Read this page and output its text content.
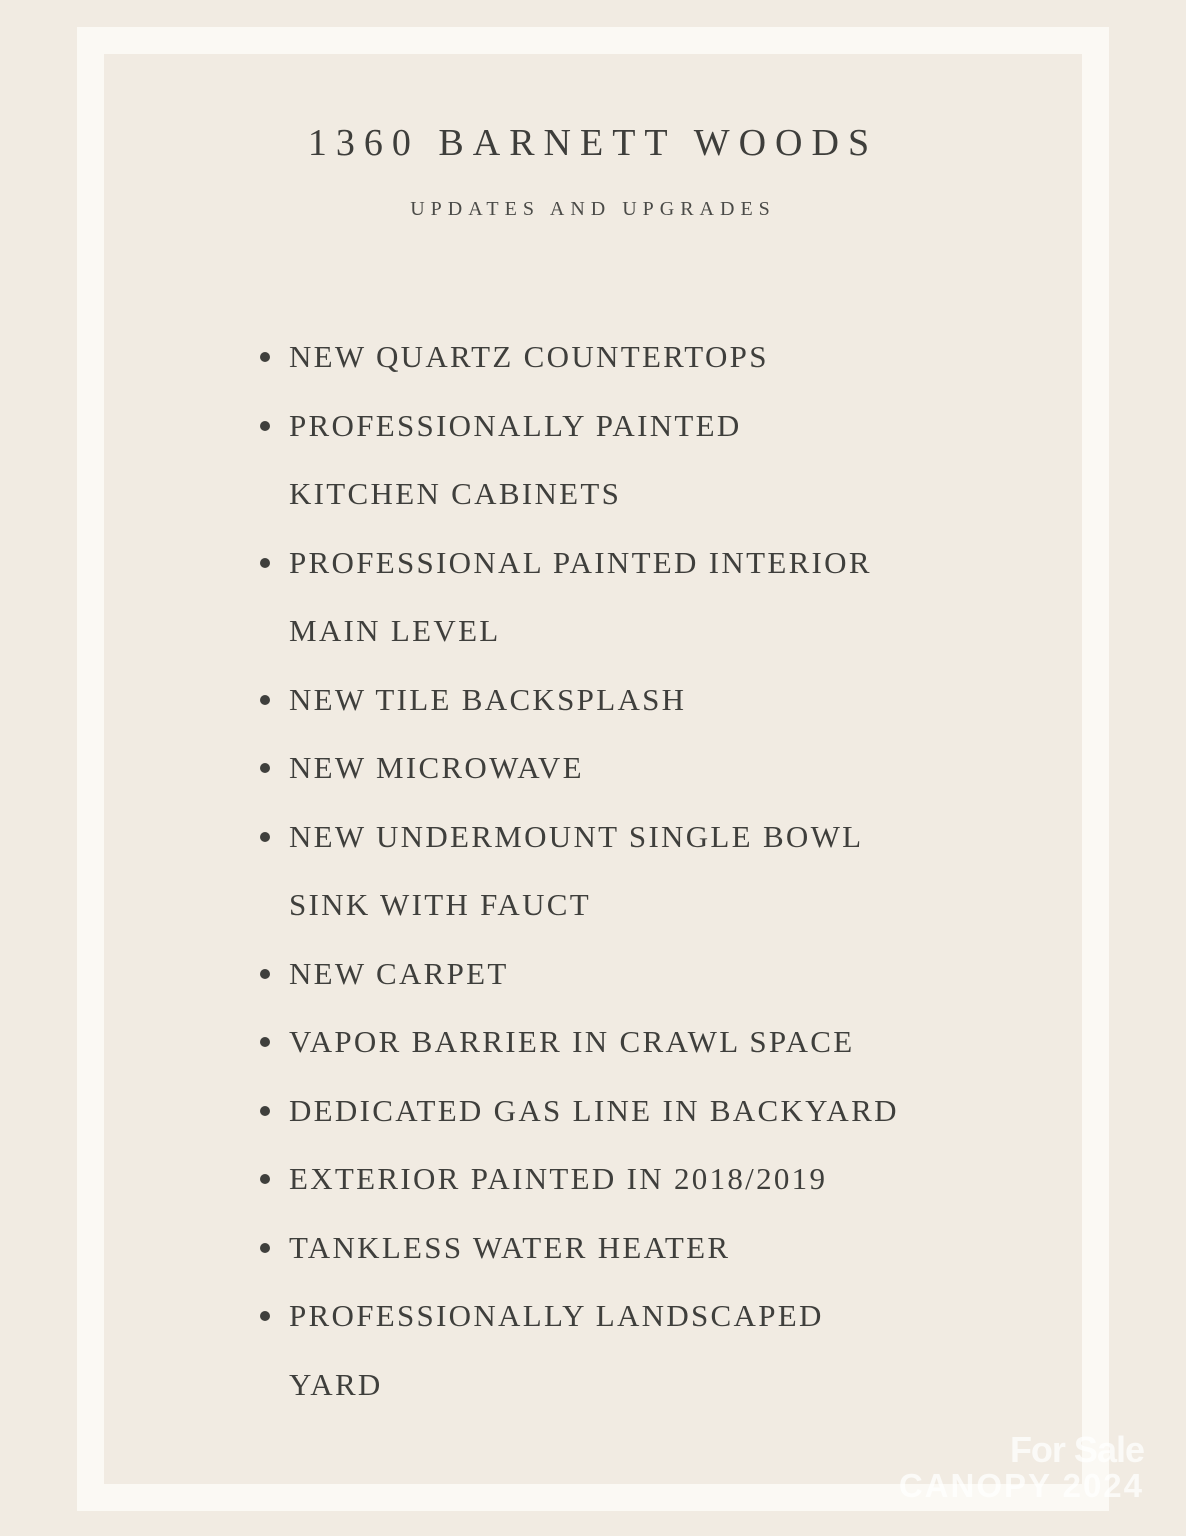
1360 BARNETT WOODS
UPDATES AND UPGRADES
NEW QUARTZ COUNTERTOPS
PROFESSIONALLY PAINTED
KITCHEN CABINETS
PROFESSIONAL PAINTED INTERIOR
MAIN LEVEL
NEW TILE BACKSPLASH
NEW MICROWAVE
NEW UNDERMOUNT SINGLE BOWL
SINK WITH FAUCT
NEW CARPET
VAPOR BARRIER IN CRAWL SPACE
DEDICATED GAS LINE IN BACKYARD
EXTERIOR PAINTED IN 2018/2019
TANKLESS WATER HEATER
PROFESSIONALLY LANDSCAPED
YARD
For Sale
CANOPY 2024
